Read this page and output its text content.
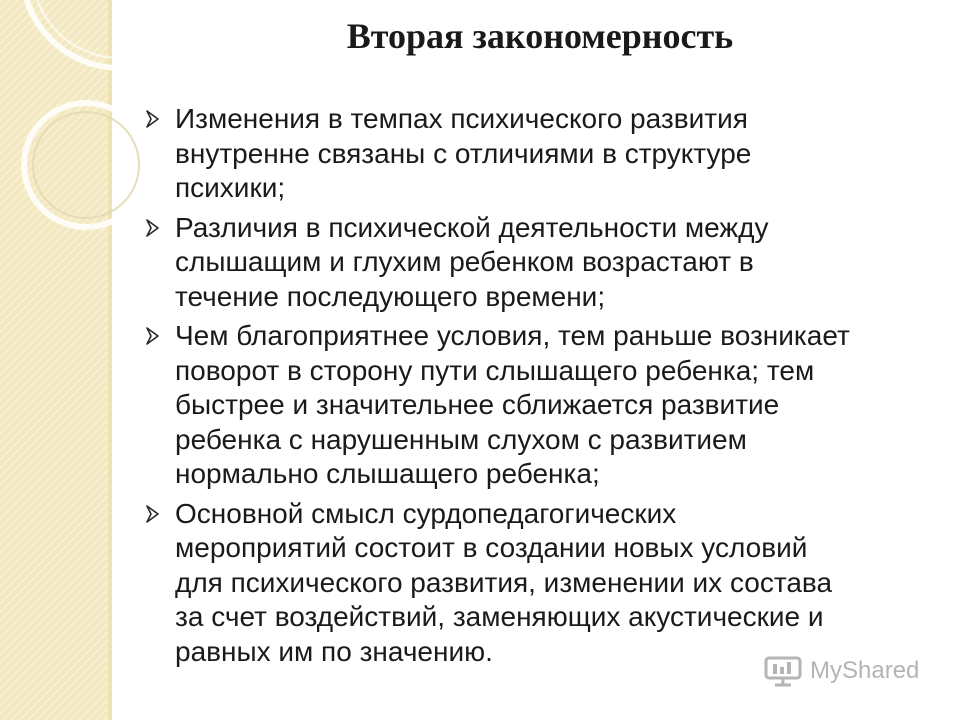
Вторая закономерность
Изменения в темпах психического развития
внутренне связаны с отличиями в структуре
психики;
Различия в психической деятельности между
слышащим и глухим ребенком возрастают в
течение последующего времени;
Чем благоприятнее условия, тем раньше возникает
поворот в сторону пути слышащего ребенка; тем
быстрее и значительнее сближается развитие
ребенка с нарушенным слухом с развитием
нормально слышащего ребенка;
Основной смысл сурдопедагогических
мероприятий состоит в создании новых условий
для психического развития, изменении их состава
за счет воздействий, заменяющих акустические и
равных им по значению.
MyShared
